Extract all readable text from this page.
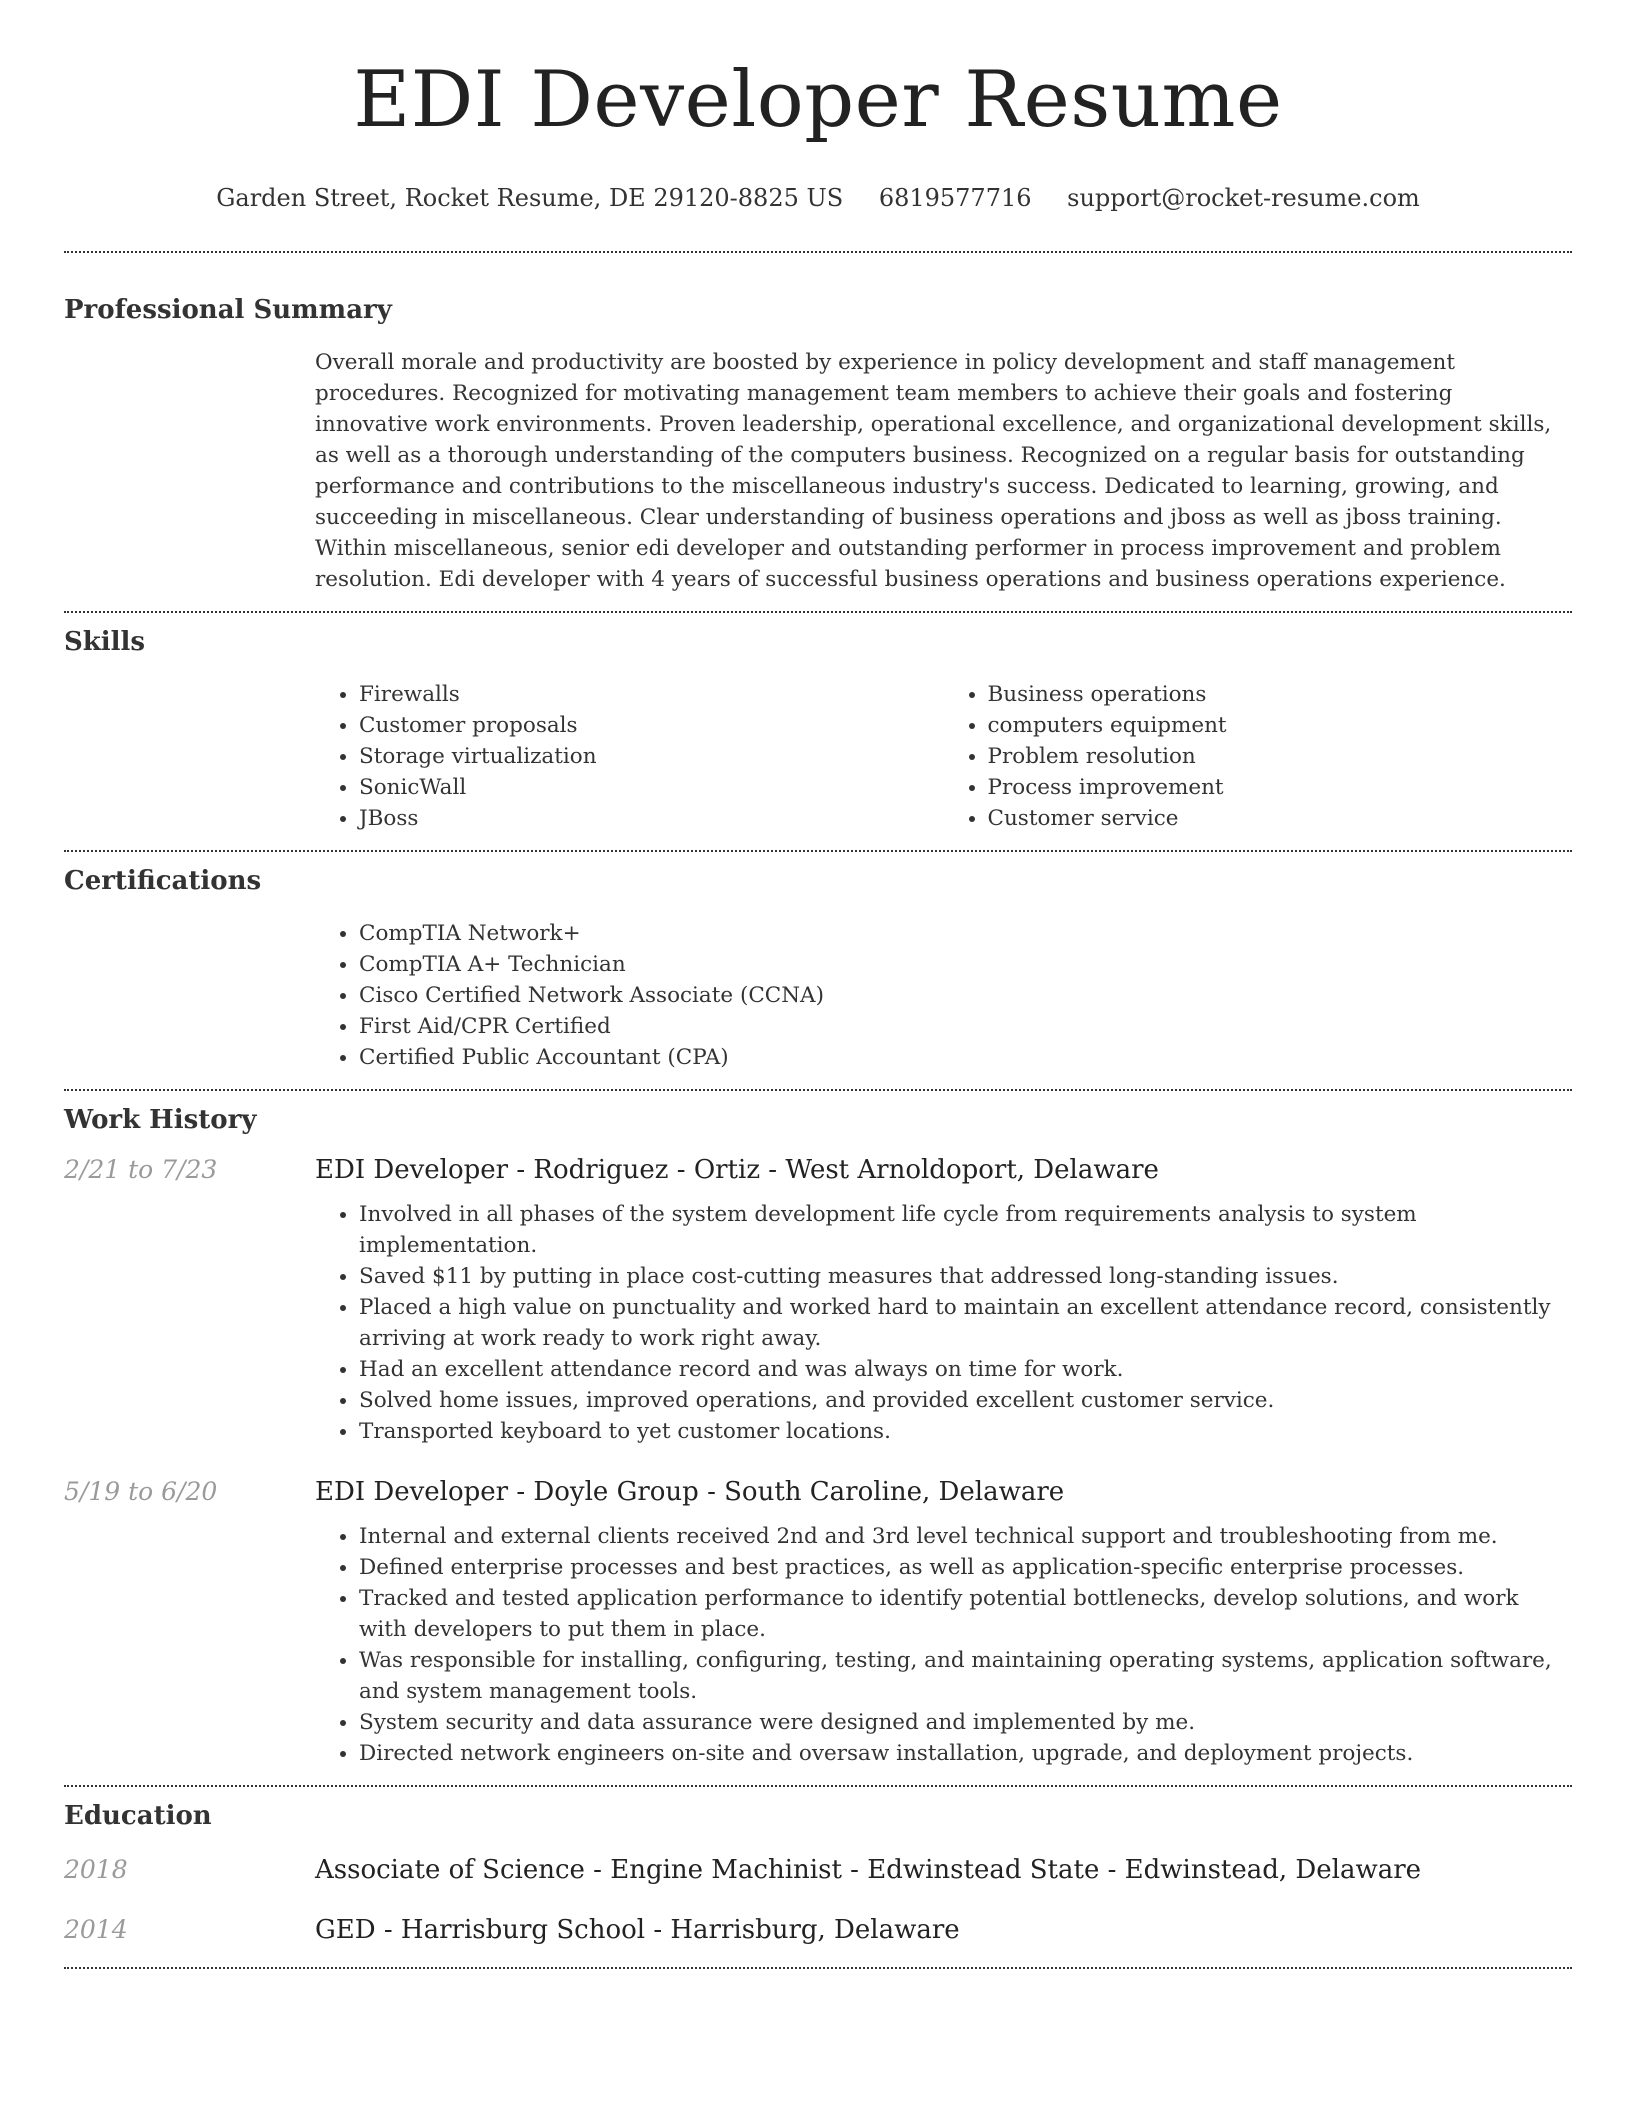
EDI Developer Resume
Garden Street, Rocket Resume, DE 29120-8825 US 6819577716 support@rocket-resume.com
Professional Summary

Overall morale and productivity are boosted by experience in policy development and staff management procedures. Recognized for motivating management team members to achieve their goals and fostering innovative work environments. Proven leadership, operational excellence, and organizational development skills, as well as a thorough understanding of the computers business. Recognized on a regular basis for outstanding performance and contributions to the miscellaneous industry's success. Dedicated to learning, growing, and succeeding in miscellaneous. Clear understanding of business operations and jboss as well as jboss training. Within miscellaneous, senior edi developer and outstanding performer in process improvement and problem resolution. Edi developer with 4 years of successful business operations and business operations experience.

Skills
• Firewalls
• Customer proposals
• Storage virtualization
• SonicWall
• JBoss
• Business operations
• computers equipment
• Problem resolution
• Process improvement
• Customer service
Certifications
• CompTIA Network+
• CompTIA A+ Technician
• Cisco Certified Network Associate (CCNA)
• First Aid/CPR Certified
• Certified Public Accountant (CPA)
Work History
2/21 to 7/23	EDI Developer - Rodriguez - Ortiz - West Arnoldoport, Delaware
• Involved in all phases of the system development life cycle from requirements analysis to system implementation.
• Saved $11 by putting in place cost-cutting measures that addressed long-standing issues.
• Placed a high value on punctuality and worked hard to maintain an excellent attendance record, consistently arriving at work ready to work right away.
• Had an excellent attendance record and was always on time for work.
• Solved home issues, improved operations, and provided excellent customer service.
• Transported keyboard to yet customer locations.
5/19 to 6/20	EDI Developer - Doyle Group - South Caroline, Delaware
• Internal and external clients received 2nd and 3rd level technical support and troubleshooting from me.
• Defined enterprise processes and best practices, as well as application-specific enterprise processes.
• Tracked and tested application performance to identify potential bottlenecks, develop solutions, and work with developers to put them in place.
• Was responsible for installing, configuring, testing, and maintaining operating systems, application software, and system management tools.
• System security and data assurance were designed and implemented by me.
• Directed network engineers on-site and oversaw installation, upgrade, and deployment projects.
Education
2018	Associate of Science - Engine Machinist - Edwinstead State - Edwinstead, Delaware
2014	GED - Harrisburg School - Harrisburg, Delaware
